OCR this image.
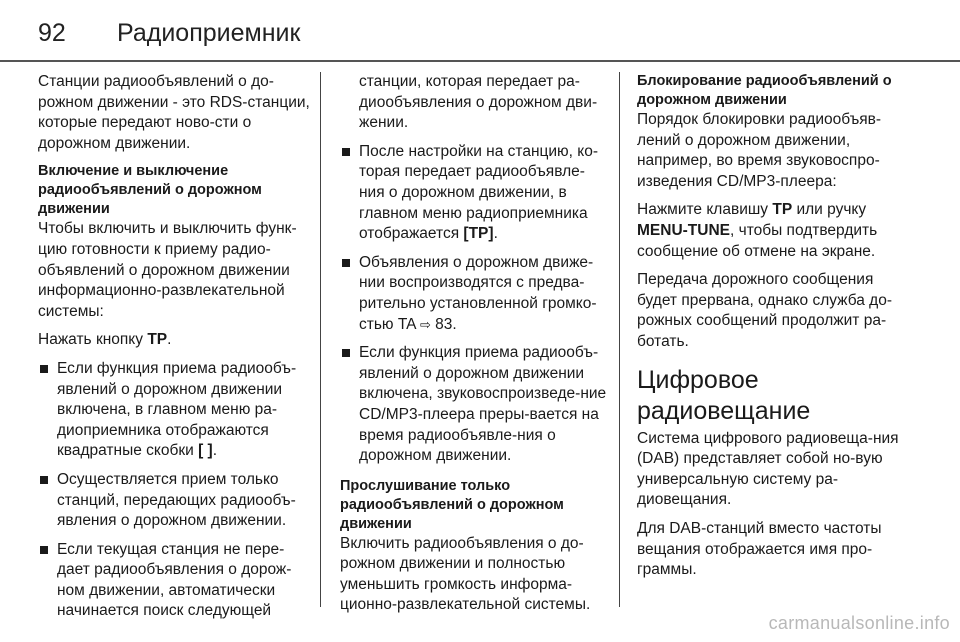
92 Радиоприемник

Станции радиообъявлений о до-рожном движении - это RDS-станции, которые передают ново-сти о дорожном движении.

Включение и выключение
радиообъявлений о дорожном
движении

Чтобы включить и выключить функ-цию готовности к приему радио-объявлений о дорожном движении информационно-развлекательной системы:

Нажать кнопку TP.

Если функция приема радиообъ-явлений о дорожном движении включена, в главном меню ра-диоприемника отображаются квадратные скобки [ ].
Осуществляется прием только станций, передающих радиообъ-явления о дорожном движении.
Если текущая станция не пере-дает радиообъявления о дорож-ном движении, автоматически начинается поиск следующей

станции, которая передает ра-диообъявления о дорожном дви-жении.

После настройки на станцию, ко-торая передает радиообъявле-ния о дорожном движении, в главном меню радиоприемника отображается [TP].
Объявления о дорожном движе-нии воспроизводятся с предва-рительно установленной громко-стью TA ⇨ 83.
Если функция приема радиообъ-явлений о дорожном движении включена, звуковоспроизведе-ние CD/MP3-плеера преры-вается на время радиообъявле-ния о дорожном движении.
Прослушивание только
радиообъявлений о дорожном
движении

Включить радиообъявления о до-рожном движении и полностью уменьшить громкость информа-ционно-развлекательной системы.

Блокирование радиообъявлений о
дорожном движении

Порядок блокировки радиообъяв-лений о дорожном движении, например, во время звуковоспро-изведения CD/MP3-плеера:

Нажмите клавишу TP или ручку MENU-TUNE, чтобы подтвердить сообщение об отмене на экране.

Передача дорожного сообщения будет прервана, однако служба до-рожных сообщений продолжит ра-ботать.

Цифровое
радиовещание

Система цифрового радиовеща-ния (DAB) представляет собой но-вую универсальную систему ра-диовещания.

Для DAB-станций вместо частоты вещания отображается имя про-граммы.

carmanualsonline.info
